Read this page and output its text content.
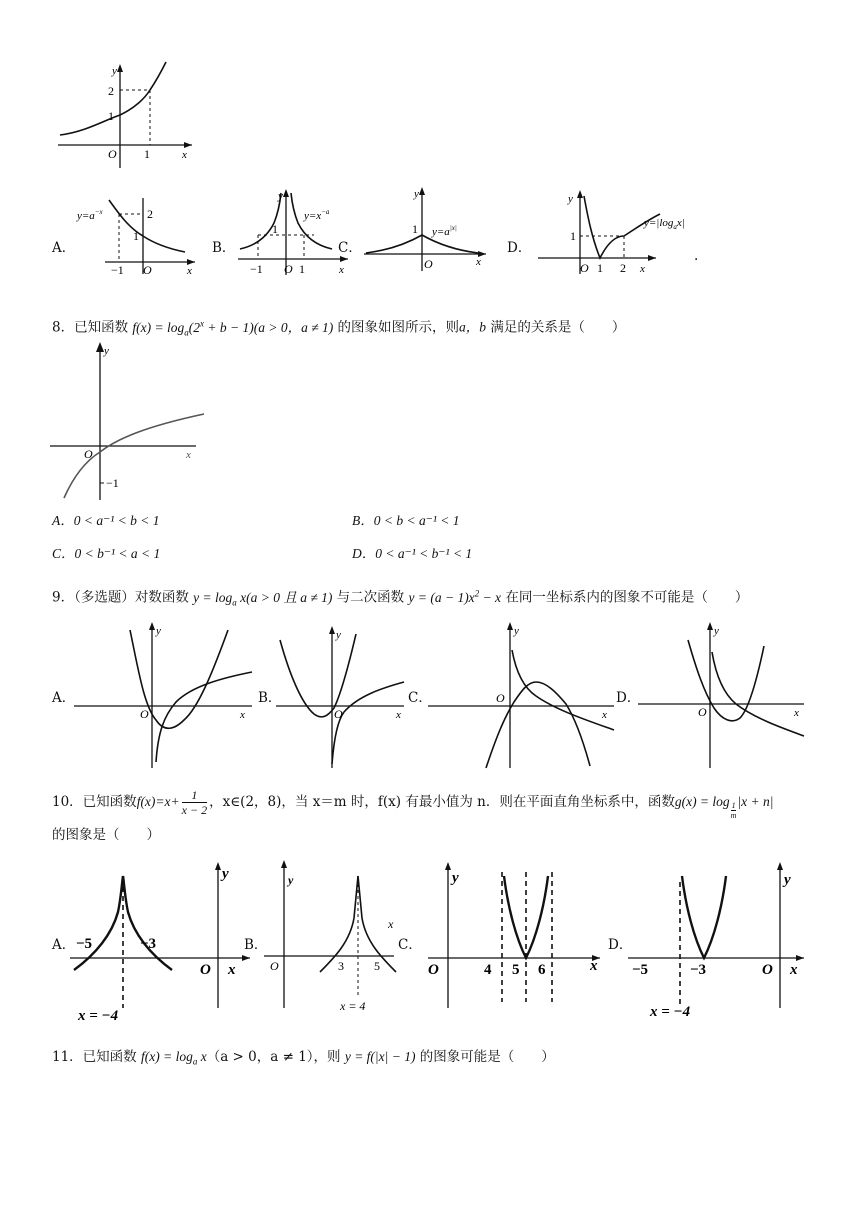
y
x
O
2
1
1
A．
$y=a^{-x}$	2
1
−1 O	x
B．
y
$y=x^{-a}$
1
−1 O 1	x
C．
y
1 $y=a^{|x|}$
O	x
D．
y
$y=|\log_ax|$
1
O 1 2 x
.
8．已知函数 $f(x) = \log_a(2^x + b - 1)(a > 0$，a ≠ 1) 的图象如图所示，则a，b 满足的关系是（　　）
y
x
O
−1
A．0 < a⁻¹ < b < 1	B．0 < b < a⁻¹ < 1
C．0 < b⁻¹ < a < 1	D．0 < a⁻¹ < b⁻¹ < 1
9．（多选题）对数函数 $y = \log_a x(a > 0$ 且 a ≠ 1) 与二次函数 $y = (a - 1)x^2 - x$ 在同一坐标系内的图象不可能是（　　）
A．
y
O	x
B．
y
O	x
C．
y
O
x
D．
y
O	x
10．已知函数$f(x)=x+ \frac{1}{x - 2}$ ，x∈(2，8)，当 x＝m 时，f(x) 有最小值为 n．则在平面直角坐标系中，函数$g(x) = \log \frac{1}{m} |x + n|$
的图象是（　　）
A．
y
−5	−3
O x
x = −4
B．
y
O	3	5
x
x = 4
C．
y
O	4 5 6	x
D．
y
−5	−3	O x
x = −4
11．已知函数 $f(x) = \log_a x(a > 0$，a ≠ 1），则 y = f(|x| − 1) 的图象可能是（　　）
